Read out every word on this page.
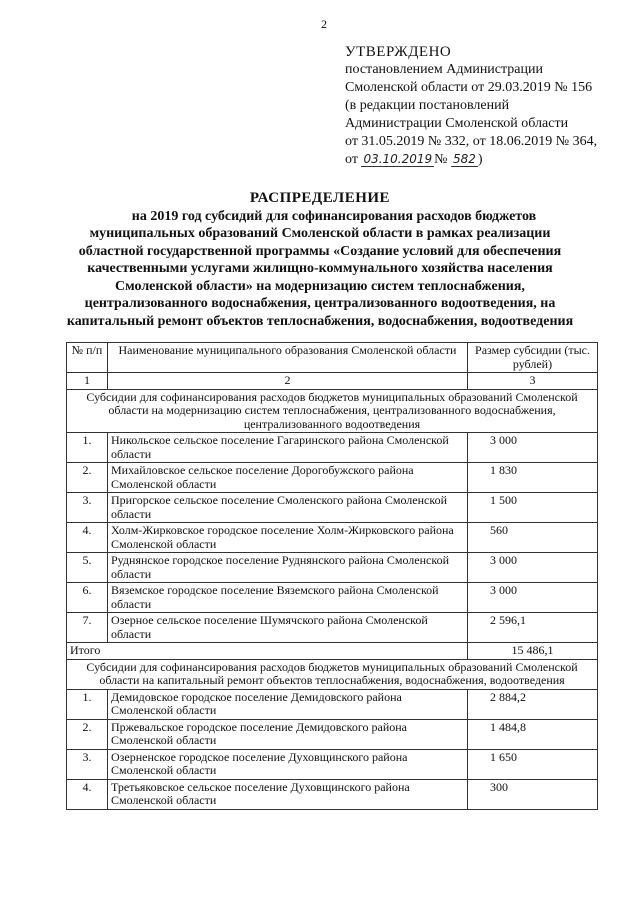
2
УТВЕРЖДЕНО
постановлением Администрации
Смоленской области от 29.03.2019 № 156
(в редакции постановлений
Администрации Смоленской области
от 31.05.2019 № 332, от 18.06.2019 № 364,
от 03.10.2019 № 582 )
РАСПРЕДЕЛЕНИЕ
на 2019 год субсидий для софинансирования расходов бюджетов
муниципальных образований Смоленской области в рамках реализации
областной государственной программы «Создание условий для обеспечения
качественными услугами жилищно-коммунального хозяйства населения
Смоленской области» на модернизацию систем теплоснабжения,
централизованного водоснабжения, централизованного водоотведения, на
капитальный ремонт объектов теплоснабжения, водоснабжения, водоотведения
№ п/п	Наименование муниципального образования Смоленской области	Размер субсидии (тыс. рублей)
1	2	3
Субсидии для софинансирования расходов бюджетов муниципальных образований Смоленской области на модернизацию систем теплоснабжения, централизованного водоснабжения, централизованного водоотведения		
1.	Никольское сельское поселение Гагаринского района Смоленской области	3 000
2.	Михайловское сельское поселение Дорогобужского района Смоленской области	1 830
3.	Пригорское сельское поселение Смоленского района Смоленской области	1 500
4.	Холм-Жирковское городское поселение Холм-Жирковского района Смоленской области	560
5.	Руднянское городское поселение Руднянского района Смоленской области	3 000
6.	Вяземское городское поселение Вяземского района Смоленской области	3 000
7.	Озерное сельское поселение Шумячского района Смоленской области	2 596,1
Итого		15 486,1
Субсидии для софинансирования расходов бюджетов муниципальных образований Смоленской области на капитальный ремонт объектов теплоснабжения, водоснабжения, водоотведения		
1.	Демидовское городское поселение Демидовского района Смоленской области	2 884,2
2.	Пржевальское городское поселение Демидовского района Смоленской области	1 484,8
3.	Озерненское городское поселение Духовщинского района Смоленской области	1 650
4.	Третьяковское сельское поселение Духовщинского района Смоленской области	300
